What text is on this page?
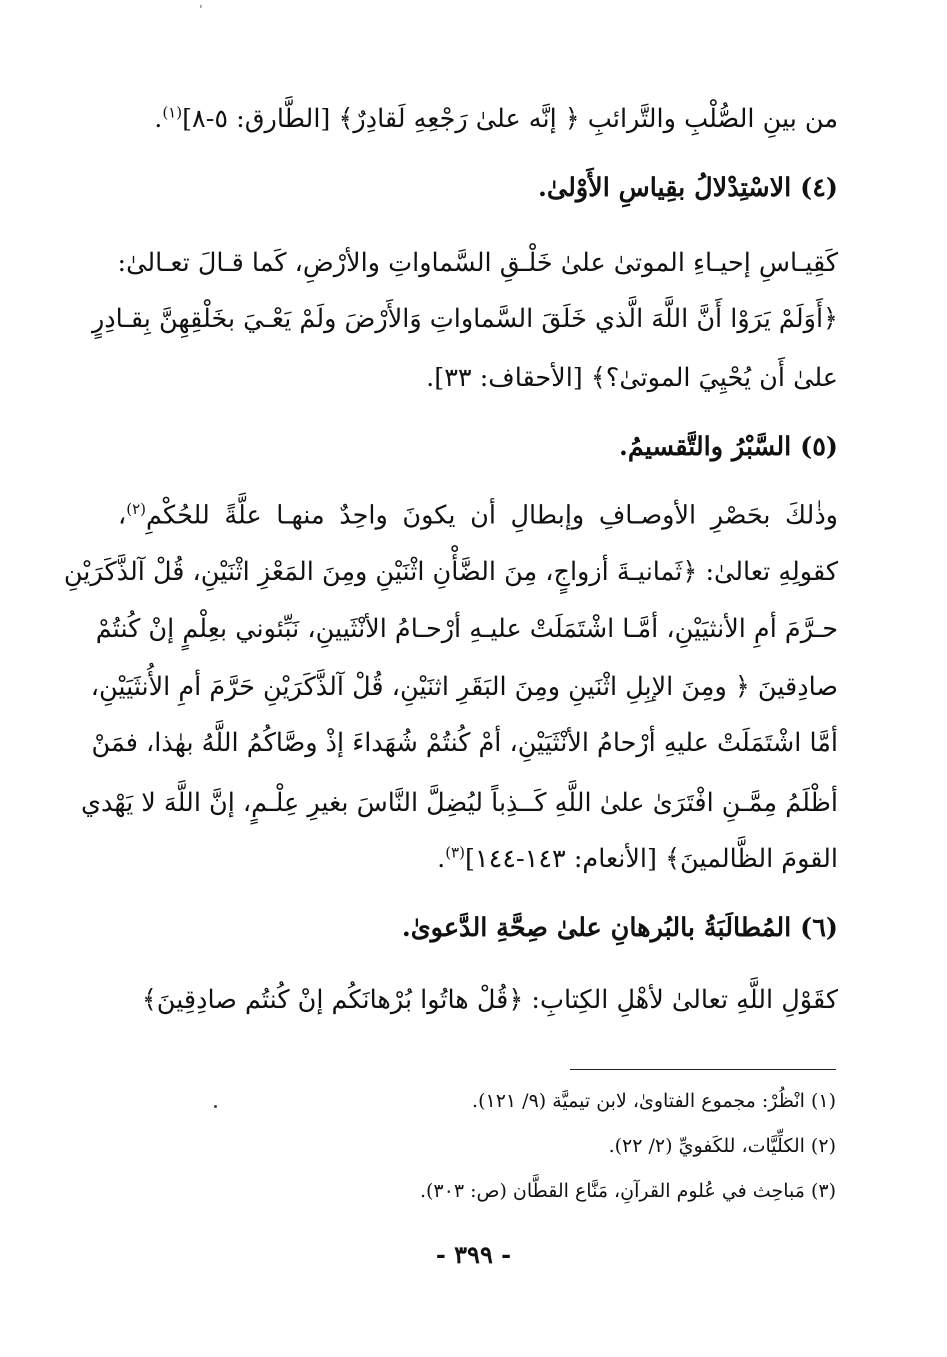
من بينِ الصُّلْبِ والتَّرائبِ ﴿ إنَّه علىٰ رَجْعِهِ لَقادِرٌ﴾ [الطَّارق: ٥-٨]$^{(١)}$.
(٤) الاسْتِدْلالُ بقِياسِ الأَوْلىٰ.
كَقِيـاسِ إحيـاءِ الموتىٰ علىٰ خَلْـقِ السَّماواتِ والأرْضِ، كَما قـالَ تعـالىٰ:
﴿أَوَلَمْ يَرَوْا أَنَّ اللَّهَ الَّذي خَلَقَ السَّماواتِ وَالأَرْضَ ولَمْ يَعْـيَ بخَلْقِهِنَّ بِقـادِرٍ
علىٰ أَن يُحْيِيَ الموتىٰ؟﴾ [الأحقاف: ٣٣].
(٥) السَّبْرُ والتَّقسيمُ.
وذٰلكَ بحَصْرِ الأوصـافِ وإبطالِ أن يكونَ واحِدٌ منهـا علَّةً للحُكْمِ$^{(٢)}$،
كقولِهِ تعالىٰ: ﴿ثَمانيـةَ أزواجٍ، مِنَ الضَّأْنِ اثْنَيْنِ ومِنَ المَعْزِ اثْنَيْنِ، قُلْ آلذَّكَرَيْنِ
حـرَّمَ أمِ الأنثيَيْنِ، أمَّـا اشْتَمَلَتْ عليـهِ أرْحـامُ الأنْثَيينِ، نَبِّئوني بعِلْمٍ إنْ كُنتُمْ
صادِقينَ ﴿ ومِنَ الإبِلِ اثْنَينِ ومِنَ البَقَرِ اثنَيْنِ، قُلْ آلذَّكَرَيْنِ حَرَّمَ أمِ الأُنثَيَيْنِ،
أمَّا اشْتَمَلَتْ عليهِ أرْحامُ الأنْثَيَيْنِ، أمْ كُنتُمْ شُهَداءَ إذْ وصَّاكُمُ اللَّهُ بهٰذا، فمَنْ
أظْلَمُ مِمَّـنِ افْتَرَىٰ علىٰ اللَّهِ كَــذِباً ليُضِلَّ النَّاسَ بغيرِ عِلْـمٍ، إنَّ اللَّهَ لا يَهْدي
القومَ الظَّالمينَ﴾ [الأنعام: ١٤٣-١٤٤]$^{(٣)}$.
(٦) المُطالَبَةُ بالبُرهانِ علىٰ صِحَّةِ الدَّعوىٰ.
كقَوْلِ اللَّهِ تعالىٰ لأهْلِ الكِتابِ: ﴿قُلْ هاتُوا بُرْهانَكُم إنْ كُنتُم صادِقِينَ﴾
(١) انْظُرْ: مجموع الفتاوىٰ، لابن تيميَّة (٩/ ١٢١).
(٢) الكلِّيَّات، للكَفويِّ (٢/ ٢٢).
(٣) مَباحِث في عُلوم القرآنِ، مَنَّاع القطَّان (ص: ٣٠٣).
- ٣٩٩ -
